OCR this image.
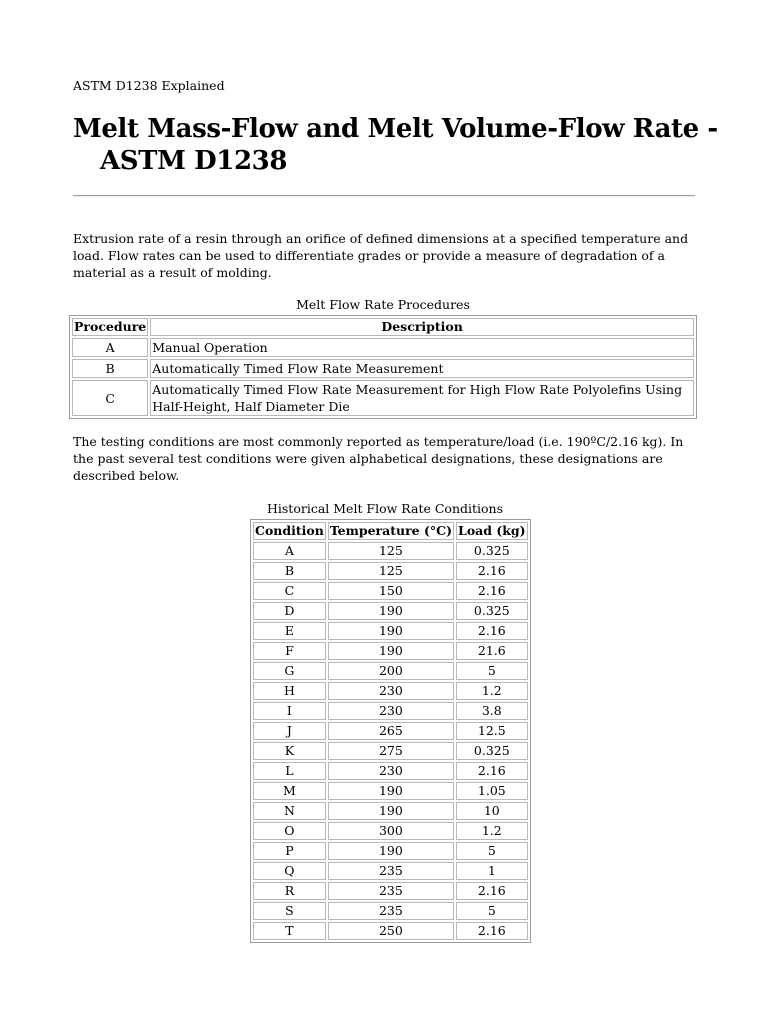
ASTM D1238 Explained
Melt Mass-Flow and Melt Volume-Flow Rate - ASTM D1238

Extrusion rate of a resin through an orifice of defined dimensions at a specified temperature and load. Flow rates can be used to differentiate grades or provide a measure of degradation of a material as a result of molding.

Melt Flow Rate Procedures
Procedure	Description
A	Manual Operation
B	Automatically Timed Flow Rate Measurement
C	Automatically Timed Flow Rate Measurement for High Flow Rate Polyolefins Using Half-Height, Half Diameter Die

The testing conditions are most commonly reported as temperature/load (i.e. 190ºC/2.16 kg). In the past several test conditions were given alphabetical designations, these designations are described below.

Historical Melt Flow Rate Conditions
Condition	Temperature (°C)	Load (kg)
A	125	0.325
B	125	2.16
C	150	2.16
D	190	0.325
E	190	2.16
F	190	21.6
G	200	5
H	230	1.2
I	230	3.8
J	265	12.5
K	275	0.325
L	230	2.16
M	190	1.05
N	190	10
O	300	1.2
P	190	5
Q	235	1
R	235	2.16
S	235	5
T	250	2.16
